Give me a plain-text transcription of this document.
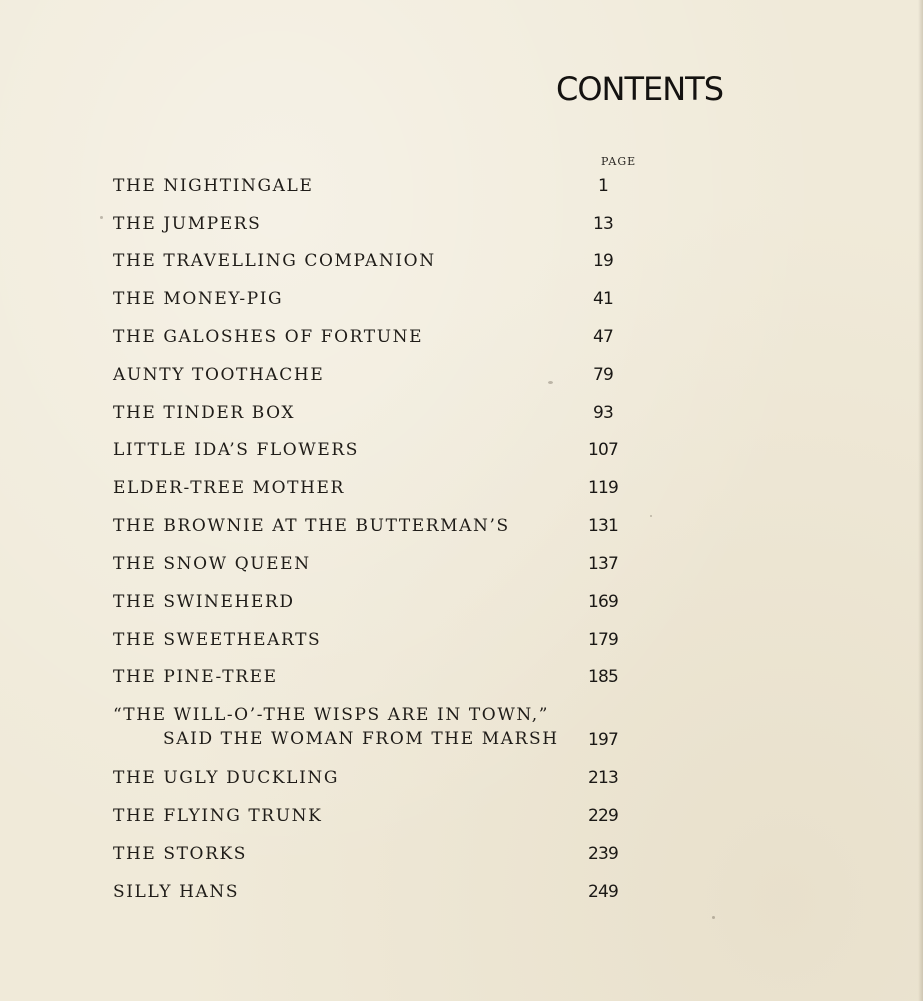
CONTENTS
PAGE
THE NIGHTINGALE	1
THE JUMPERS	13
THE TRAVELLING COMPANION	19
THE MONEY-PIG	41
THE GALOSHES OF FORTUNE	47
AUNTY TOOTHACHE	79
THE TINDER BOX	93
LITTLE IDA’S FLOWERS	107
ELDER-TREE MOTHER	119
THE BROWNIE AT THE BUTTERMAN’S	131
THE SNOW QUEEN	137
THE SWINEHERD	169
THE SWEETHEARTS	179
THE PINE-TREE	185
“THE WILL-O’-THE WISPS ARE IN TOWN,”
SAID THE WOMAN FROM THE MARSH	197
THE UGLY DUCKLING	213
THE FLYING TRUNK	229
THE STORKS	239
SILLY HANS	249
